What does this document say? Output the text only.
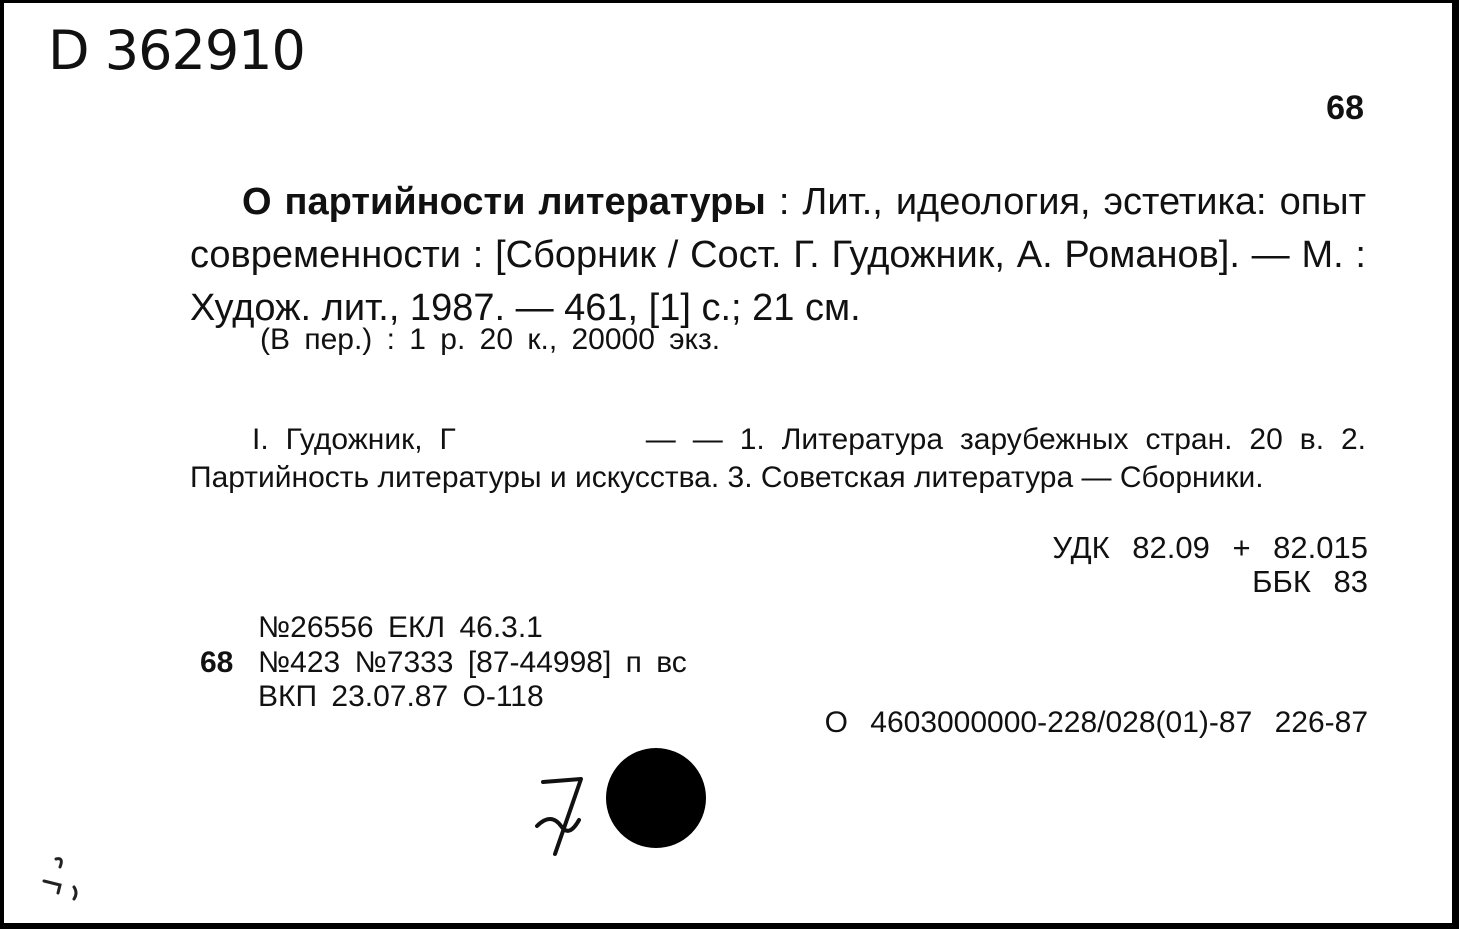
D 362910
68

О партийности литературы : Лит., идеология, эстетика: опыт современности : [Сборник / Сост. Г. Гудожник, А. Романов]. — М. : Худож. лит., 1987. — 461, [1] с.; 21 см.

(В пер.) : 1 р. 20 к., 20000 экз.

I. Гудожник, Г	— — 1. Литература зарубежных стран. 20 в. 2. Партийность литературы и искусства. 3. Советская литература — Сборники.

УДК 82.09 + 82.015
ББК 83
№26556 ЕКЛ 46.3.1
68 №423 №7333 [87-44998] п вс
ВКП 23.07.87 О-118
О 4603000000-228/028(01)-87 226-87
